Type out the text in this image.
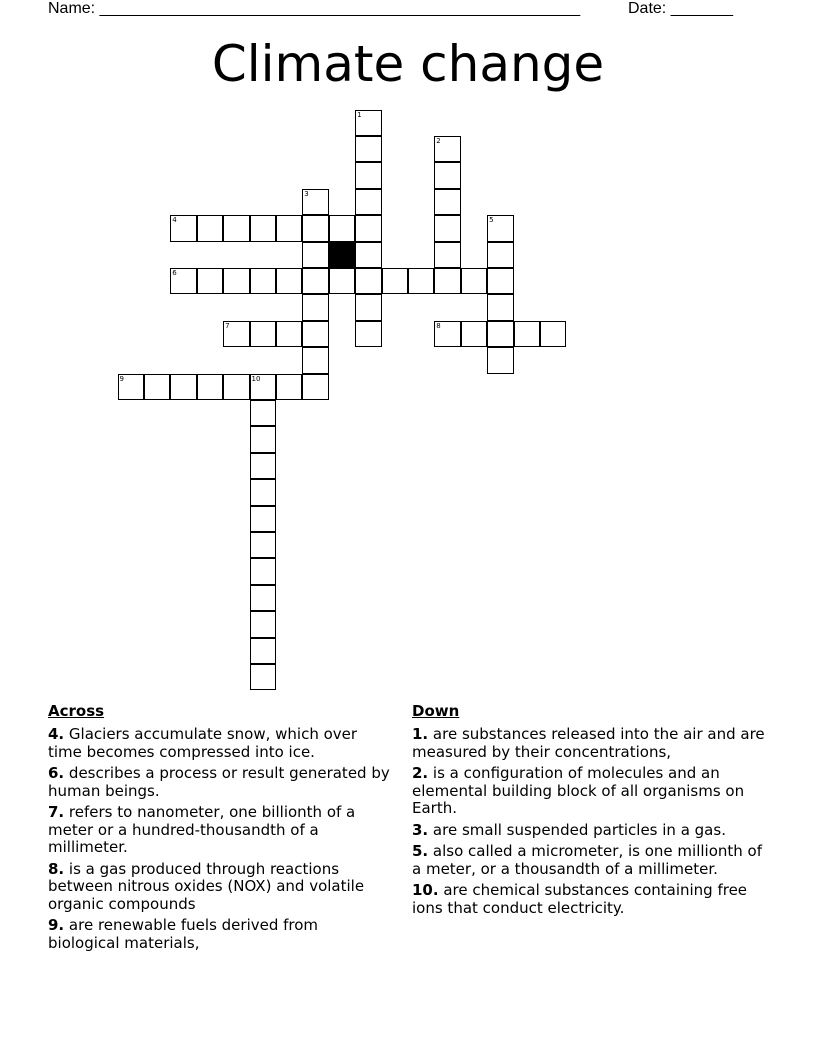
Name: ______________________________________________________	Date: _______
Climate change
1
2
3
4	5
6
7	8
9	10
Across
4. Glaciers accumulate snow, which over time becomes compressed into ice.
6. describes a process or result generated by human beings.
7. refers to nanometer, one billionth of a meter or a hundred-thousandth of a millimeter.
8. is a gas produced through reactions between nitrous oxides (NOX) and volatile organic compounds
9. are renewable fuels derived from biological materials,
Down
1. are substances released into the air and are measured by their concentrations,
2. is a configuration of molecules and an elemental building block of all organisms on Earth.
3. are small suspended particles in a gas.
5. also called a micrometer, is one millionth of a meter, or a thousandth of a millimeter.
10. are chemical substances containing free ions that conduct electricity.
